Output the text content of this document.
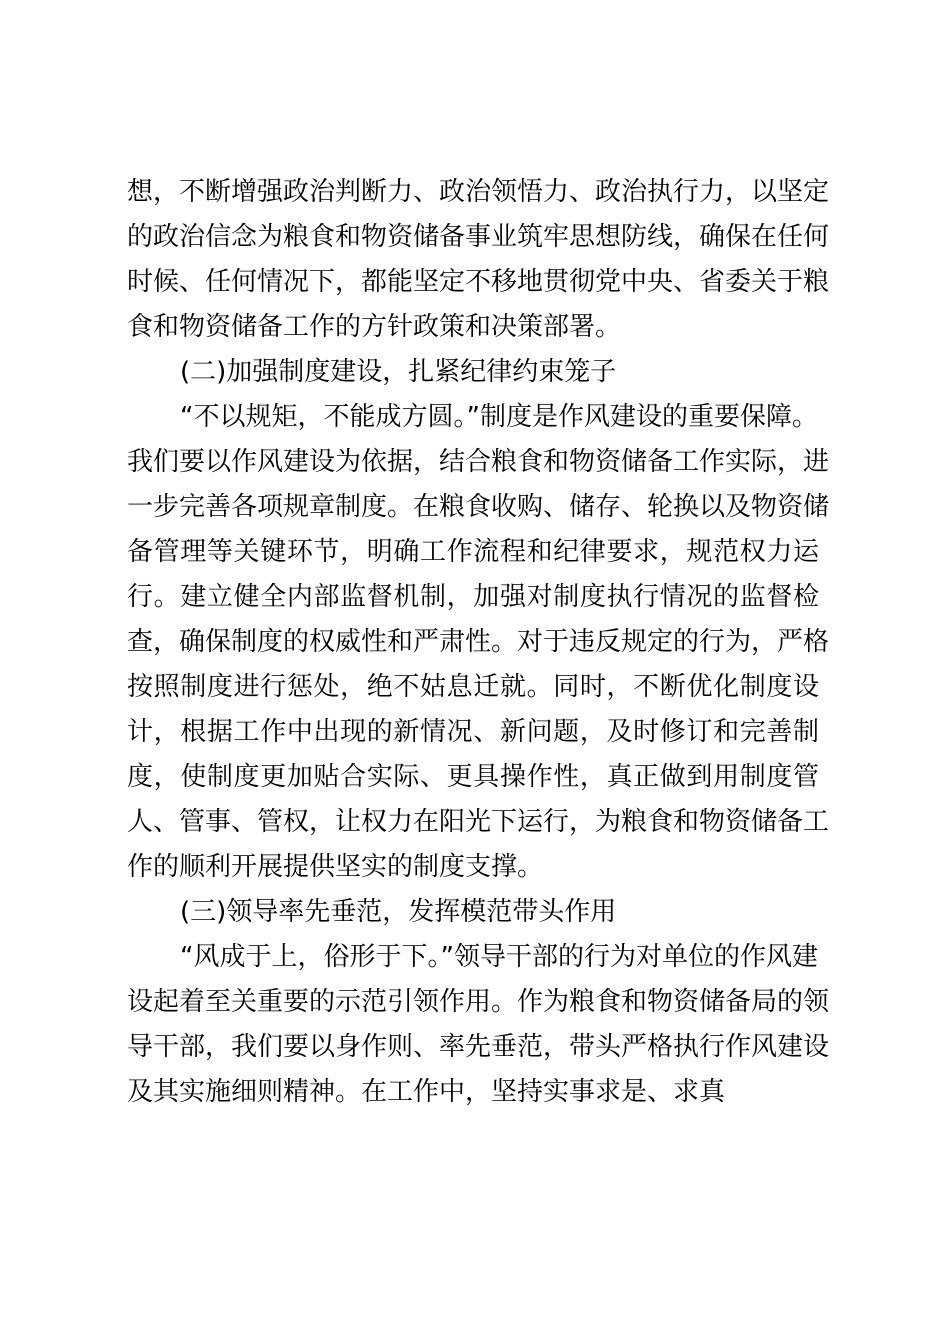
想，不断增强政治判断力、政治领悟力、政治执行力，以坚定
的政治信念为粮食和物资储备事业筑牢思想防线，确保在任何
时候、任何情况下，都能坚定不移地贯彻党中央、省委关于粮
食和物资储备工作的方针政策和决策部署。
(二)加强制度建设，扎紧纪律约束笼子
“不以规矩，不能成方圆。”制度是作风建设的重要保障。
我们要以作风建设为依据，结合粮食和物资储备工作实际，进
一步完善各项规章制度。在粮食收购、储存、轮换以及物资储
备管理等关键环节，明确工作流程和纪律要求，规范权力运
行。建立健全内部监督机制，加强对制度执行情况的监督检
查，确保制度的权威性和严肃性。对于违反规定的行为，严格
按照制度进行惩处，绝不姑息迁就。同时，不断优化制度设
计，根据工作中出现的新情况、新问题，及时修订和完善制
度，使制度更加贴合实际、更具操作性，真正做到用制度管
人、管事、管权，让权力在阳光下运行，为粮食和物资储备工
作的顺利开展提供坚实的制度支撑。
(三)领导率先垂范，发挥模范带头作用
“风成于上，俗形于下。”领导干部的行为对单位的作风建
设起着至关重要的示范引领作用。作为粮食和物资储备局的领
导干部，我们要以身作则、率先垂范，带头严格执行作风建设
及其实施细则精神。在工作中，坚持实事求是、求真
